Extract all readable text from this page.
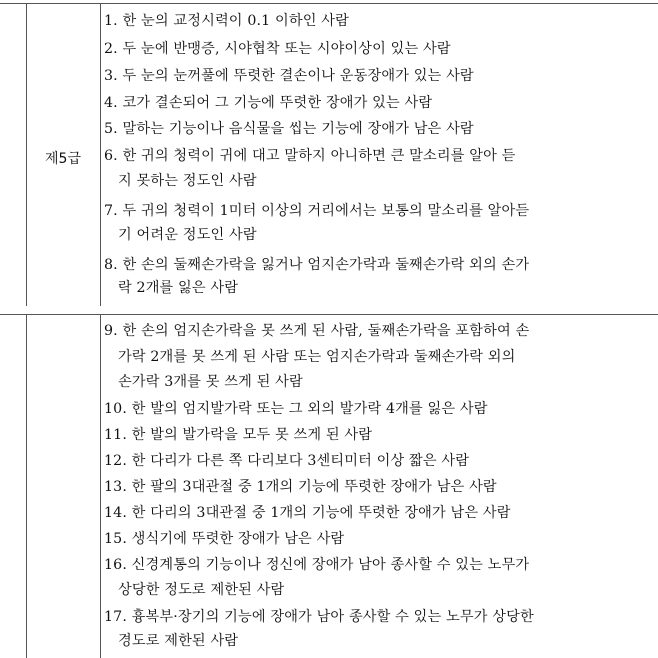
제5급
1. 한 눈의 교정시력이 0.1 이하인 사람
2. 두 눈에 반맹증, 시야협착 또는 시야이상이 있는 사람
3. 두 눈의 눈꺼풀에 뚜렷한 결손이나 운동장애가 있는 사람
4. 코가 결손되어 그 기능에 뚜렷한 장애가 있는 사람
5. 말하는 기능이나 음식물을 씹는 기능에 장애가 남은 사람
6. 한 귀의 청력이 귀에 대고 말하지 아니하면 큰 말소리를 알아 듣
지 못하는 정도인 사람
7. 두 귀의 청력이 1미터 이상의 거리에서는 보통의 말소리를 알아듣
기 어려운 정도인 사람
8. 한 손의 둘째손가락을 잃거나 엄지손가락과 둘째손가락 외의 손가
락 2개를 잃은 사람
9. 한 손의 엄지손가락을 못 쓰게 된 사람, 둘째손가락을 포함하여 손
가락 2개를 못 쓰게 된 사람 또는 엄지손가락과 둘째손가락 외의
손가락 3개를 못 쓰게 된 사람
10. 한 발의 엄지발가락 또는 그 외의 발가락 4개를 잃은 사람
11. 한 발의 발가락을 모두 못 쓰게 된 사람
12. 한 다리가 다른 쪽 다리보다 3센티미터 이상 짧은 사람
13. 한 팔의 3대관절 중 1개의 기능에 뚜렷한 장애가 남은 사람
14. 한 다리의 3대관절 중 1개의 기능에 뚜렷한 장애가 남은 사람
15. 생식기에 뚜렷한 장애가 남은 사람
16. 신경계통의 기능이나 정신에 장애가 남아 종사할 수 있는 노무가
상당한 정도로 제한된 사람
17. 흉복부·장기의 기능에 장애가 남아 종사할 수 있는 노무가 상당한
경도로 제한된 사람
